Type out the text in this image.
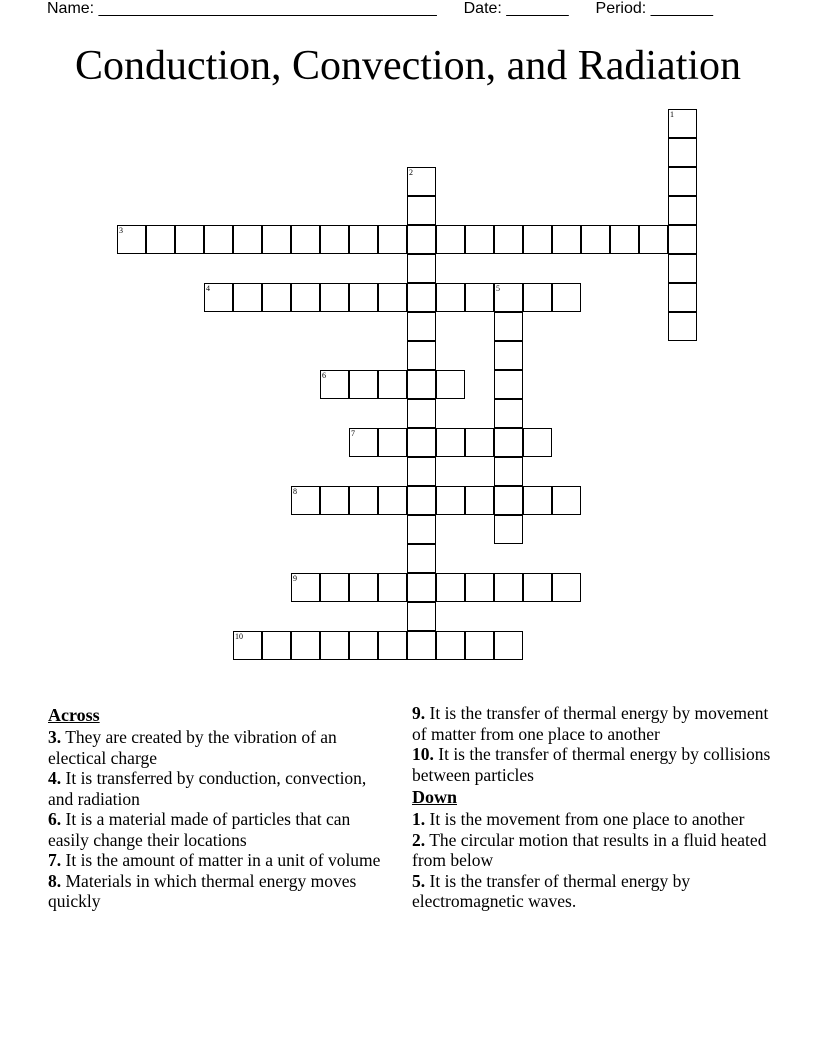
Name: ______________________________________ Date: _______ Period: _______
Conduction, Convection, and Radiation
1
2
3
4	5
6
7
8
9
10
Across
3. They are created by the vibration of an electical charge
4. It is transferred by conduction, convection, and radiation
6. It is a material made of particles that can easily change their locations
7. It is the amount of matter in a unit of volume
8. Materials in which thermal energy moves quickly
9. It is the transfer of thermal energy by movement of matter from one place to another
10. It is the transfer of thermal energy by collisions between particles
Down
1. It is the movement from one place to another
2. The circular motion that results in a fluid heated from below
5. It is the transfer of thermal energy by electromagnetic waves.
